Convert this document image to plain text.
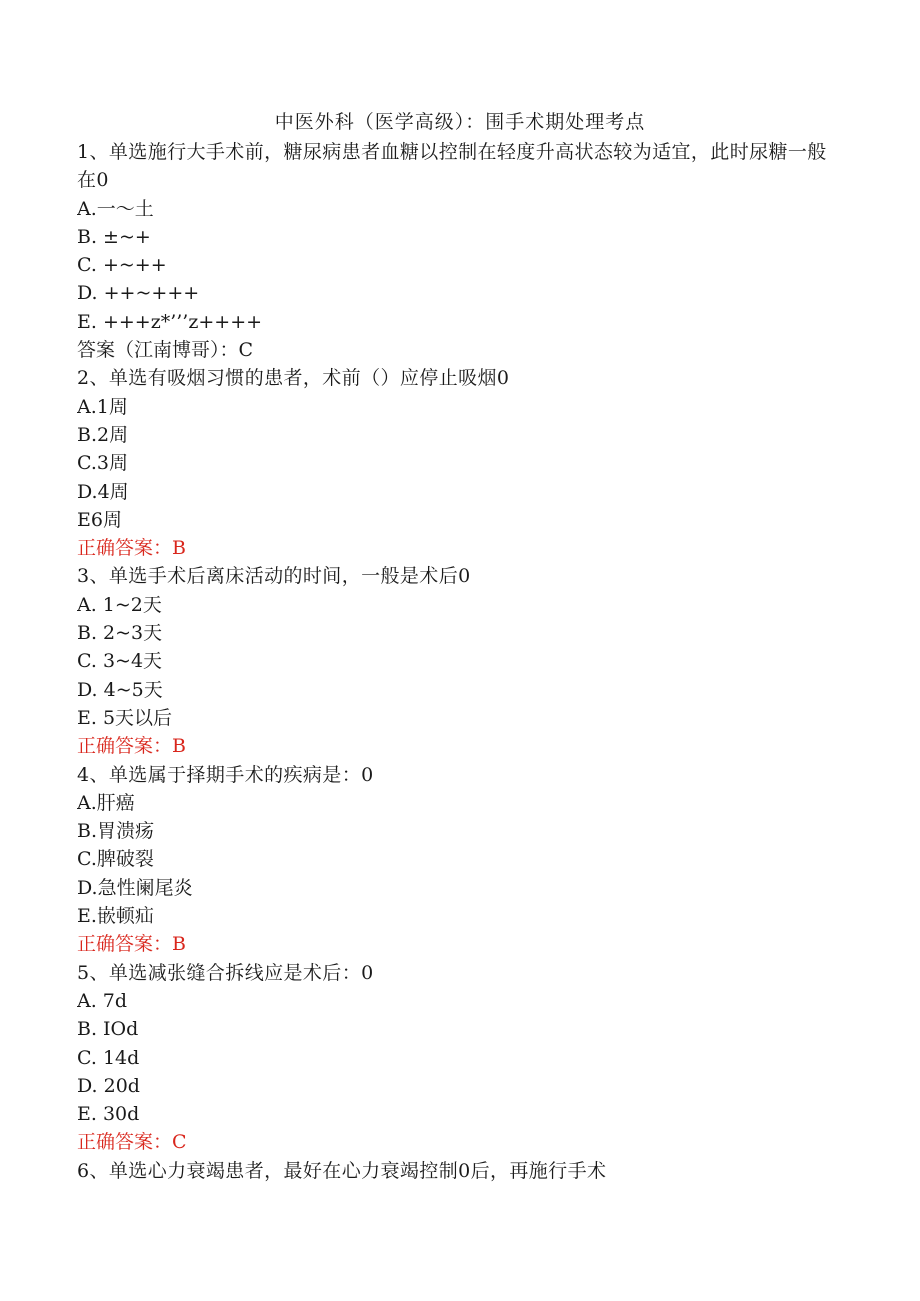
中医外科（医学高级）：围手术期处理考点
1、单选施行大手术前，糖尿病患者血糖以控制在轻度升高状态较为适宜，此时尿糖一般在0
A.一～土
B. ±~+
C. +~++
D. ++~+++
E. +++z*’’’z++++
答案（江南博哥）：C
2、单选有吸烟习惯的患者，术前（）应停止吸烟0
A.1周
B.2周
C.3周
D.4周
E6周
正确答案：B
3、单选手术后离床活动的时间，一般是术后0
A. 1~2天
B. 2~3天
C. 3~4天
D. 4~5天
E. 5天以后
正确答案：B
4、单选属于择期手术的疾病是：0
A.肝癌
B.胃溃疡
C.脾破裂
D.急性阑尾炎
E.嵌顿疝
正确答案：B
5、单选减张缝合拆线应是术后：0
A. 7d
B. IOd
C. 14d
D. 20d
E. 30d
正确答案：C
6、单选心力衰竭患者，最好在心力衰竭控制0后，再施行手术
